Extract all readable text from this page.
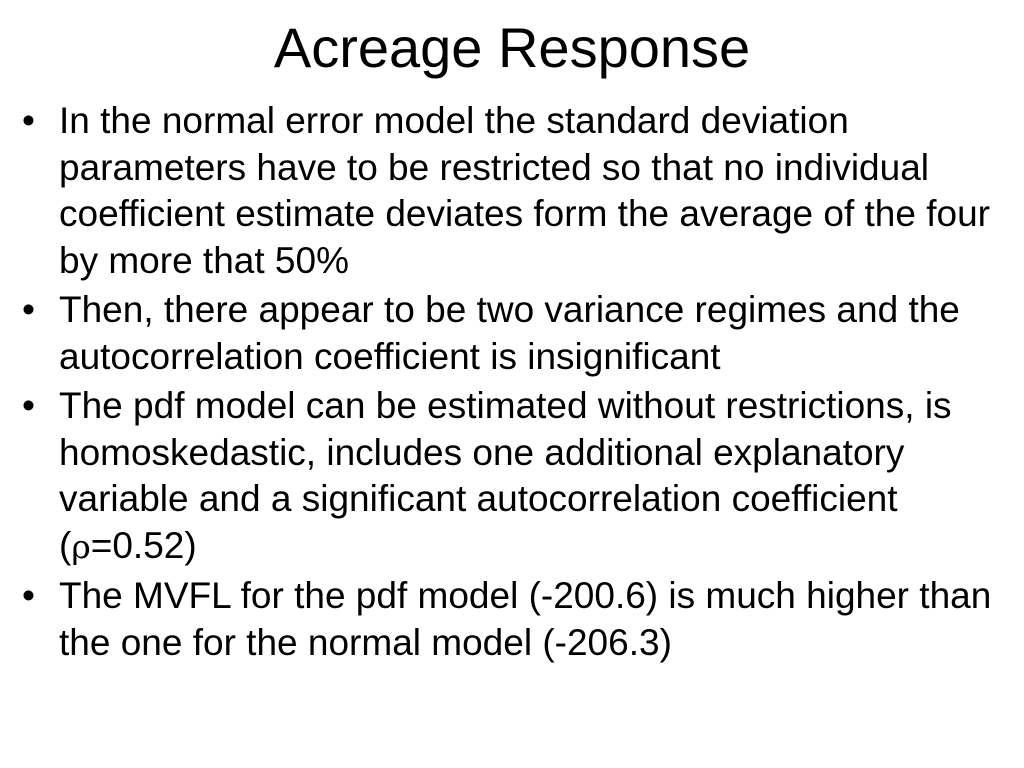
Acreage Response
• In the normal error model the standard deviation parameters have to be restricted so that no individual coefficient estimate deviates form the average of the four by more that 50%
• Then, there appear to be two variance regimes and the autocorrelation coefficient is insignificant
• The pdf model can be estimated without restrictions, is homoskedastic, includes one additional explanatory variable and a significant autocorrelation coefficient (ρ=0.52)
• The MVFL for the pdf model (-200.6) is much higher than the one for the normal model (-206.3)
